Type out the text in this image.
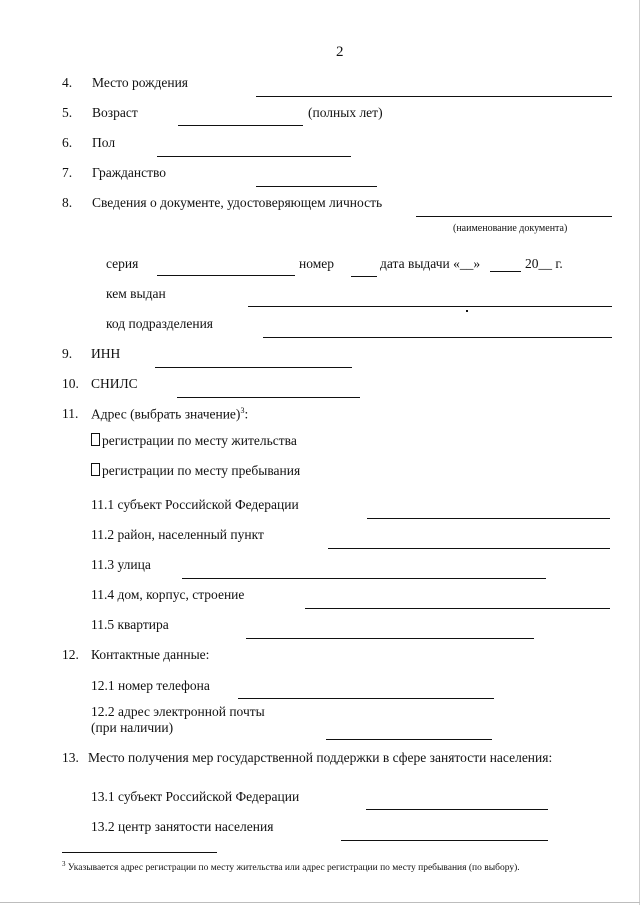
2
4. Место рождения
5. Возраст	(полных лет)
6. Пол
7. Гражданство
8. Сведения о документе, удостоверяющем личность
(наименование документа)
серия	номер	дата выдачи «__»	20__ г.
кем выдан
код подразделения
9. ИНН
10. СНИЛС
11. Адрес (выбрать значение)$^3$:
регистрации по месту жительства
регистрации по месту пребывания
11.1 субъект Российской Федерации
11.2 район, населенный пункт
11.3 улица
11.4 дом, корпус, строение
11.5 квартира
12. Контактные данные:
12.1 номер телефона
12.2 адрес электронной почты
(при наличии)
13. Место получения мер государственной поддержки в сфере занятости населения:
13.1 субъект Российской Федерации
13.2 центр занятости населения
$^3$ Указывается адрес регистрации по месту жительства или адрес регистрации по месту пребывания (по выбору).
